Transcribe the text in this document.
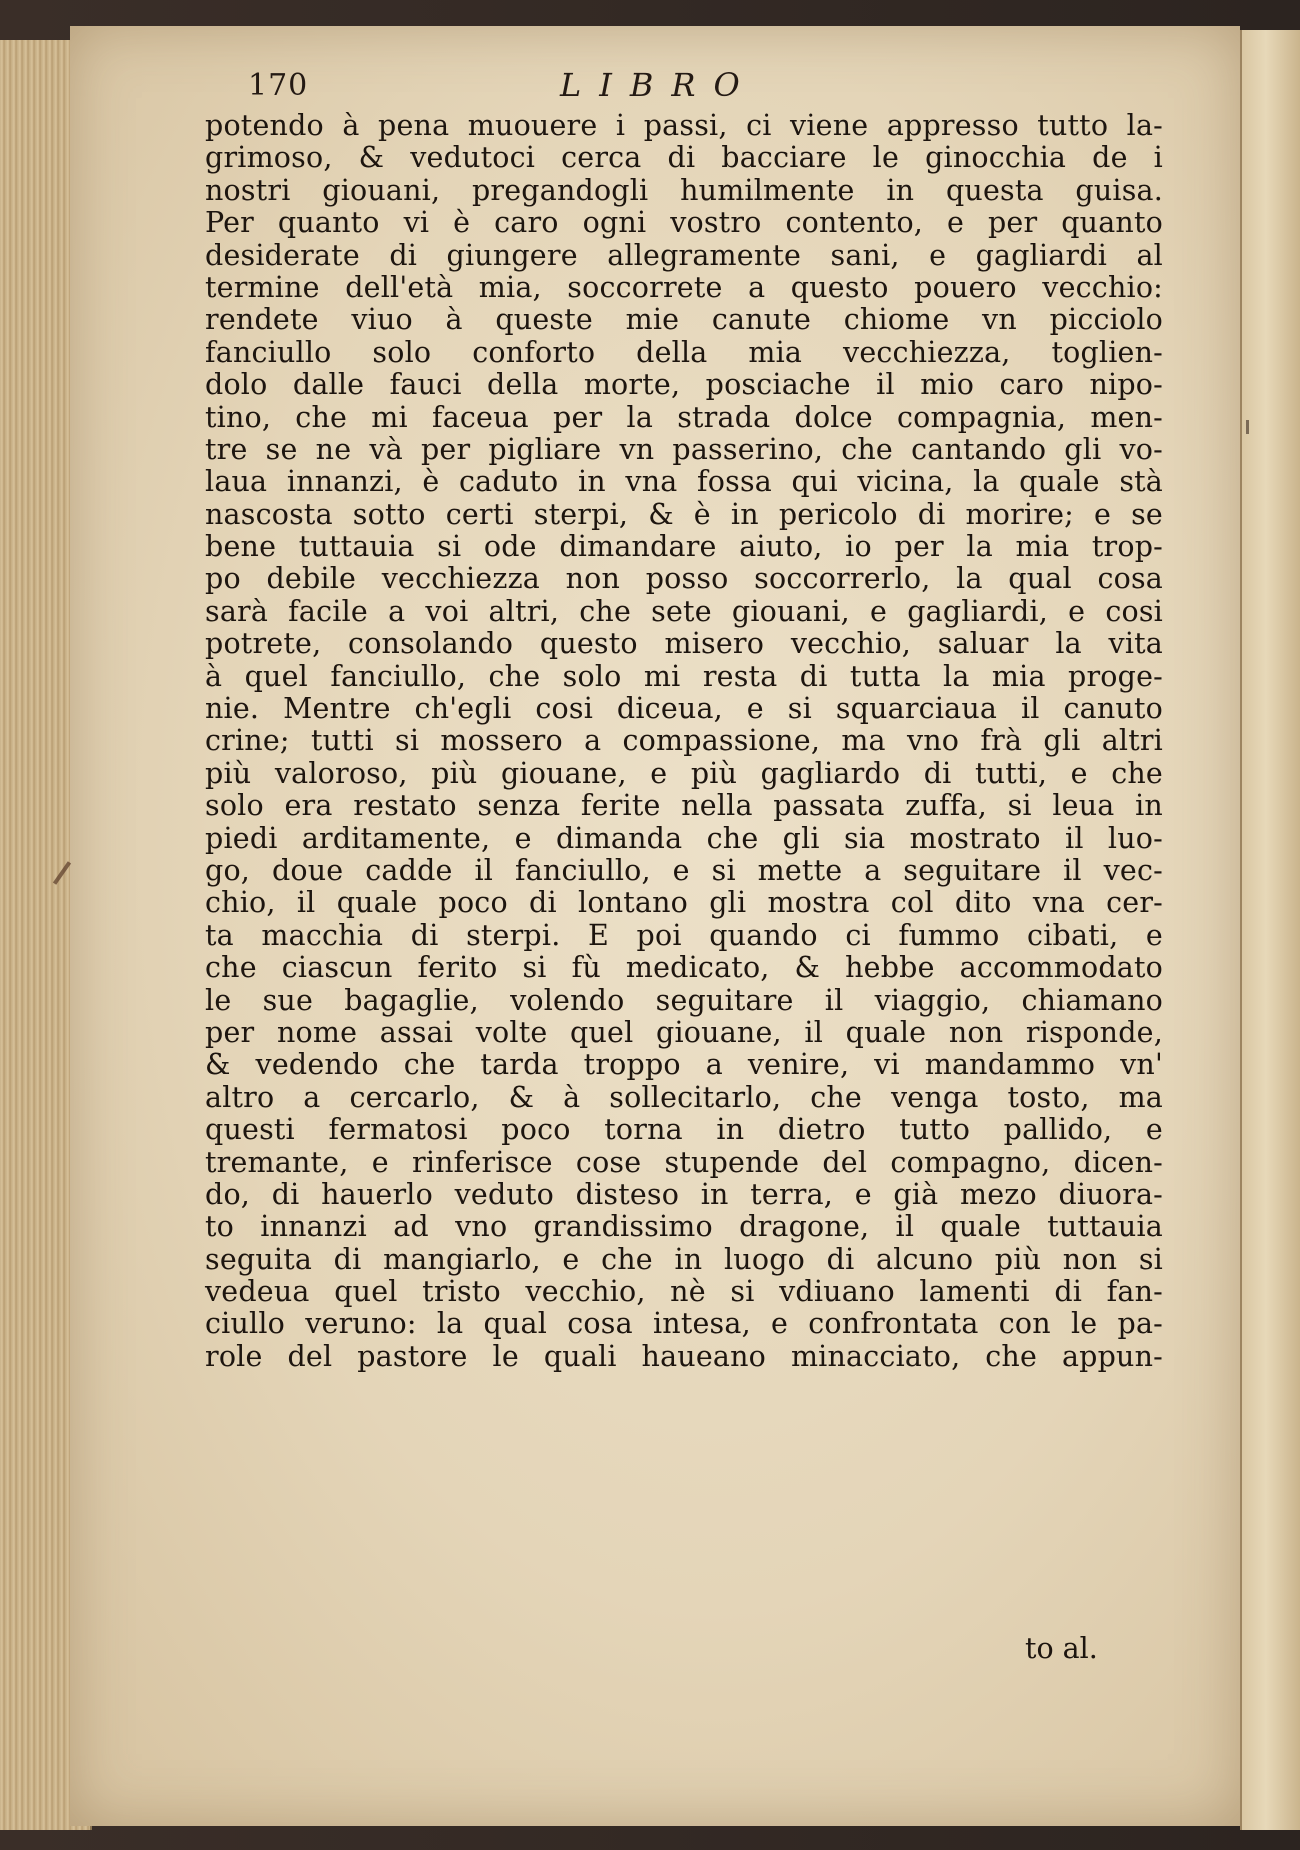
170	LIBRO
potendo à pena muouere i passi, ci viene appresso tutto la-
grimoso, & vedutoci cerca di bacciare le ginocchia de i
nostri giouani, pregandogli humilmente in questa guisa.
Per quanto vi è caro ogni vostro contento, e per quanto
desiderate di giungere allegramente sani, e gagliardi al
termine dell'età mia, soccorrete a questo pouero vecchio:
rendete viuo à queste mie canute chiome vn picciolo
fanciullo solo conforto della mia vecchiezza, toglien-
dolo dalle fauci della morte, posciache il mio caro nipo-
tino, che mi faceua per la strada dolce compagnia, men-
tre se ne và per pigliare vn passerino, che cantando gli vo-
laua innanzi, è caduto in vna fossa qui vicina, la quale stà
nascosta sotto certi sterpi, & è in pericolo di morire; e se
bene tuttauia si ode dimandare aiuto, io per la mia trop-
po debile vecchiezza non posso soccorrerlo, la qual cosa
sarà facile a voi altri, che sete giouani, e gagliardi, e cosi
potrete, consolando questo misero vecchio, saluar la vita
à quel fanciullo, che solo mi resta di tutta la mia proge-
nie. Mentre ch'egli cosi diceua, e si squarciaua il canuto
crine; tutti si mossero a compassione, ma vno frà gli altri
più valoroso, più giouane, e più gagliardo di tutti, e che
solo era restato senza ferite nella passata zuffa, si leua in
piedi arditamente, e dimanda che gli sia mostrato il luo-
go, doue cadde il fanciullo, e si mette a seguitare il vec-
chio, il quale poco di lontano gli mostra col dito vna cer-
ta macchia di sterpi. E poi quando ci fummo cibati, e
che ciascun ferito si fù medicato, & hebbe accommodato
le sue bagaglie, volendo seguitare il viaggio, chiamano
per nome assai volte quel giouane, il quale non risponde,
& vedendo che tarda troppo a venire, vi mandammo vn'
altro a cercarlo, & à sollecitarlo, che venga tosto, ma
questi fermatosi poco torna in dietro tutto pallido, e
tremante, e rinferisce cose stupende del compagno, dicen-
do, di hauerlo veduto disteso in terra, e già mezo diuora-
to innanzi ad vno grandissimo dragone, il quale tuttauia
seguita di mangiarlo, e che in luogo di alcuno più non si
vedeua quel tristo vecchio, nè si vdiuano lamenti di fan-
ciullo veruno: la qual cosa intesa, e confrontata con le pa-
role del pastore le quali haueano minacciato, che appun-
to al.
